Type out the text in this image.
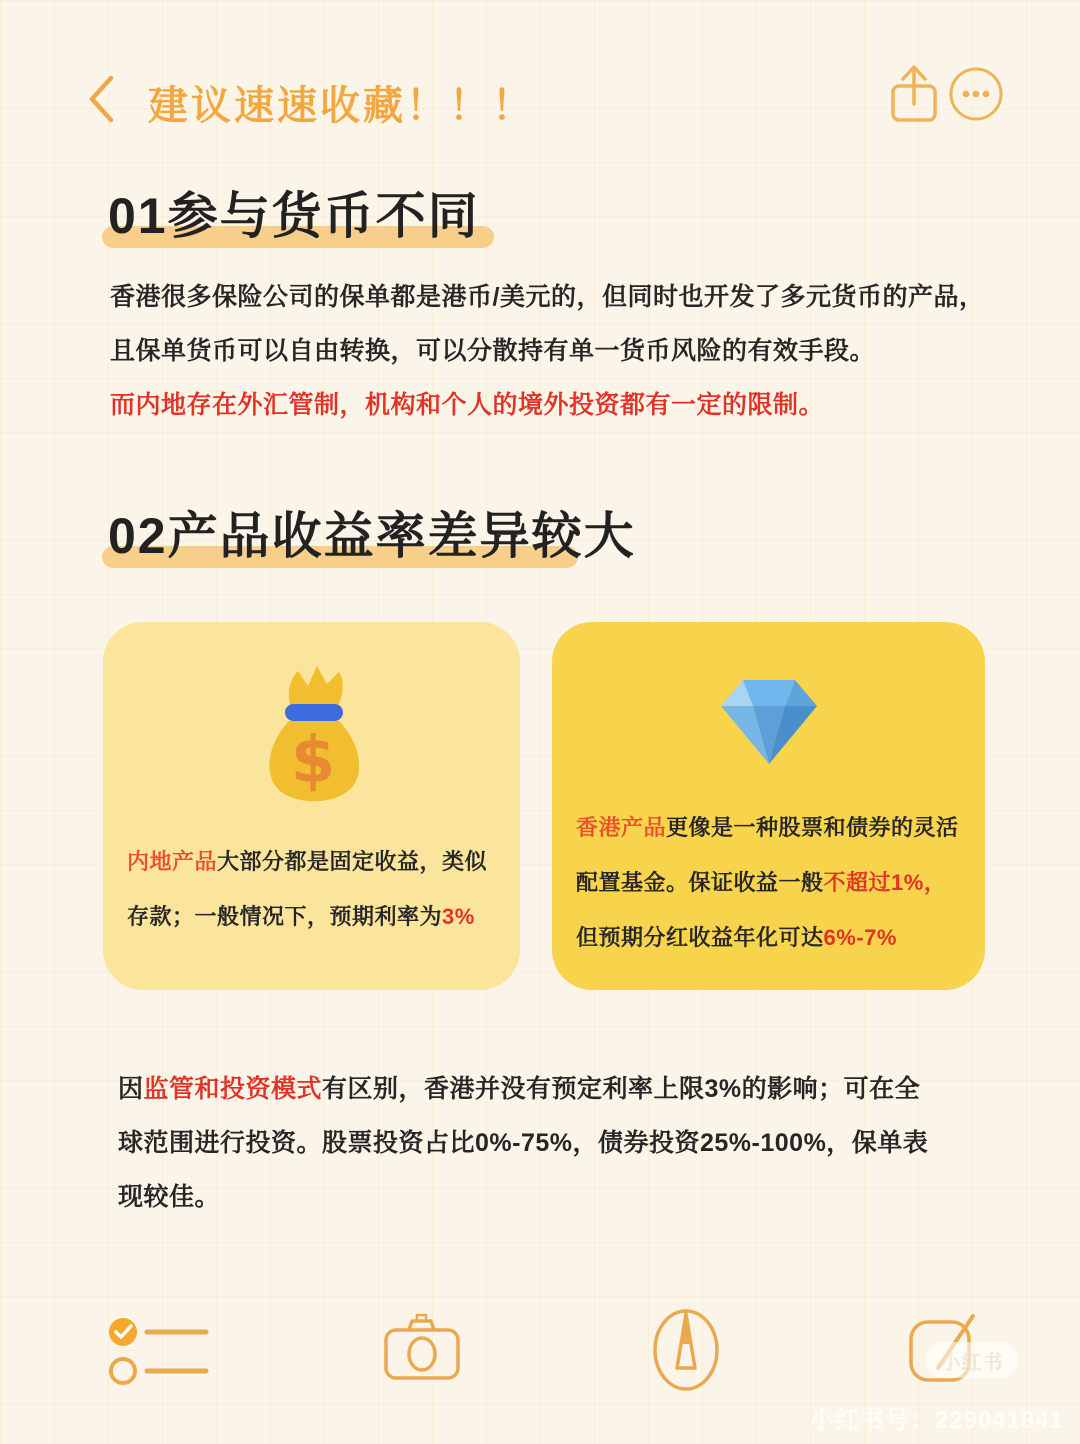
建议速速收藏！！！
01参与货币不同
香港很多保险公司的保单都是港币/美元的，但同时也开发了多元货币的产品，
且保单货币可以自由转换，可以分散持有单一货币风险的有效手段。
而内地存在外汇管制，机构和个人的境外投资都有一定的限制。
02产品收益率差异较大
$
内地产品大部分都是固定收益，类似存款；一般情况下，预期利率为3%
香港产品更像是一种股票和债券的灵活配置基金。保证收益一般不超过1%，但预期分红收益年化可达6%-7%
因监管和投资模式有区别，香港并没有预定利率上限3%的影响；可在全球范围进行投资。股票投资占比0%-75%，债券投资25%-100%，保单表现较佳。
小红书
小红书号：229041841
